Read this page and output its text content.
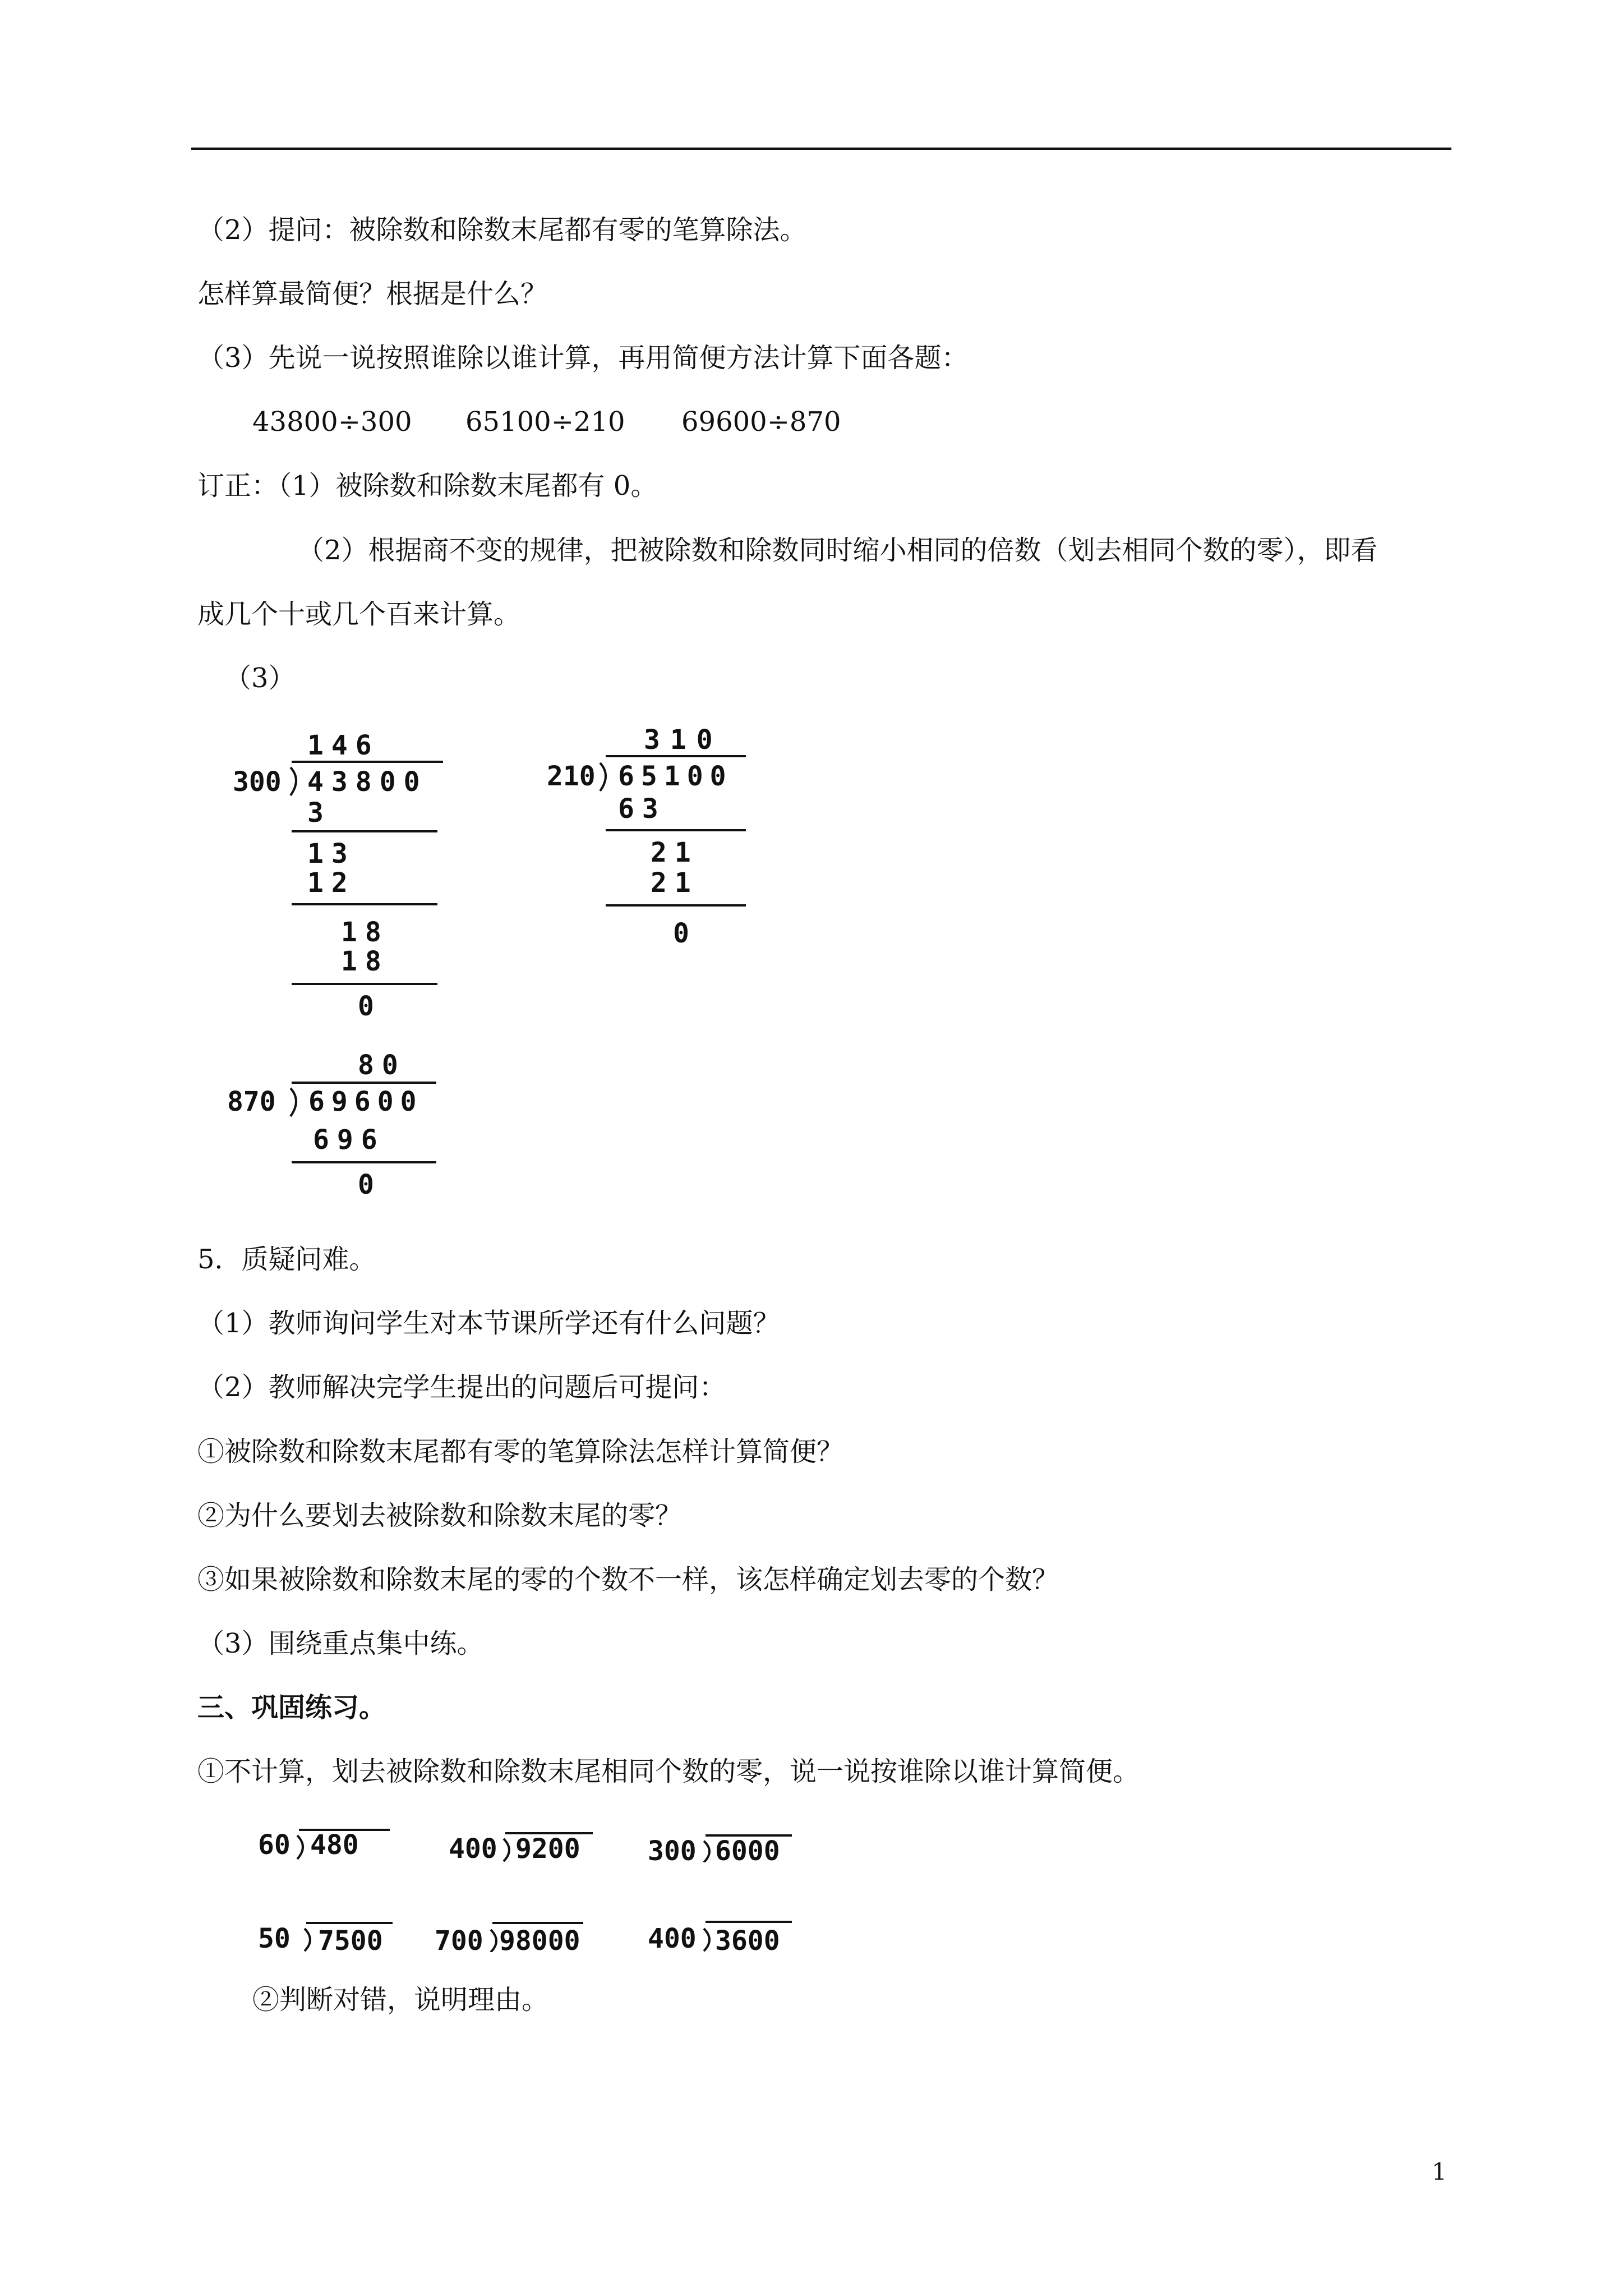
（2）提问：被除数和除数末尾都有零的笔算除法。
怎样算最简便？根据是什么？
（3）先说一说按照谁除以谁计算，再用简便方法计算下面各题：
43800÷300 65100÷210 69600÷870
订正：（1）被除数和除数末尾都有 0。
（2）根据商不变的规律，把被除数和除数同时缩小相同的倍数（划去相同个数的零），即看
成几个十或几个百来计算。
（3）
146
300 43800
3
13
12
18
18
0
310
210 65100
63
21
21
0
80
870 69600
696
0
5．质疑问难。
（1）教师询问学生对本节课所学还有什么问题？
（2）教师解决完学生提出的问题后可提问：
①被除数和除数末尾都有零的笔算除法怎样计算简便？
②为什么要划去被除数和除数末尾的零？
③如果被除数和除数末尾的零的个数不一样，该怎样确定划去零的个数？
（3）围绕重点集中练。
三、巩固练习。
①不计算，划去被除数和除数末尾相同个数的零，说一说按谁除以谁计算简便。
60 480	400 9200	300 6000
50 7500 700 98000	400 3600
②判断对错，说明理由。
1
